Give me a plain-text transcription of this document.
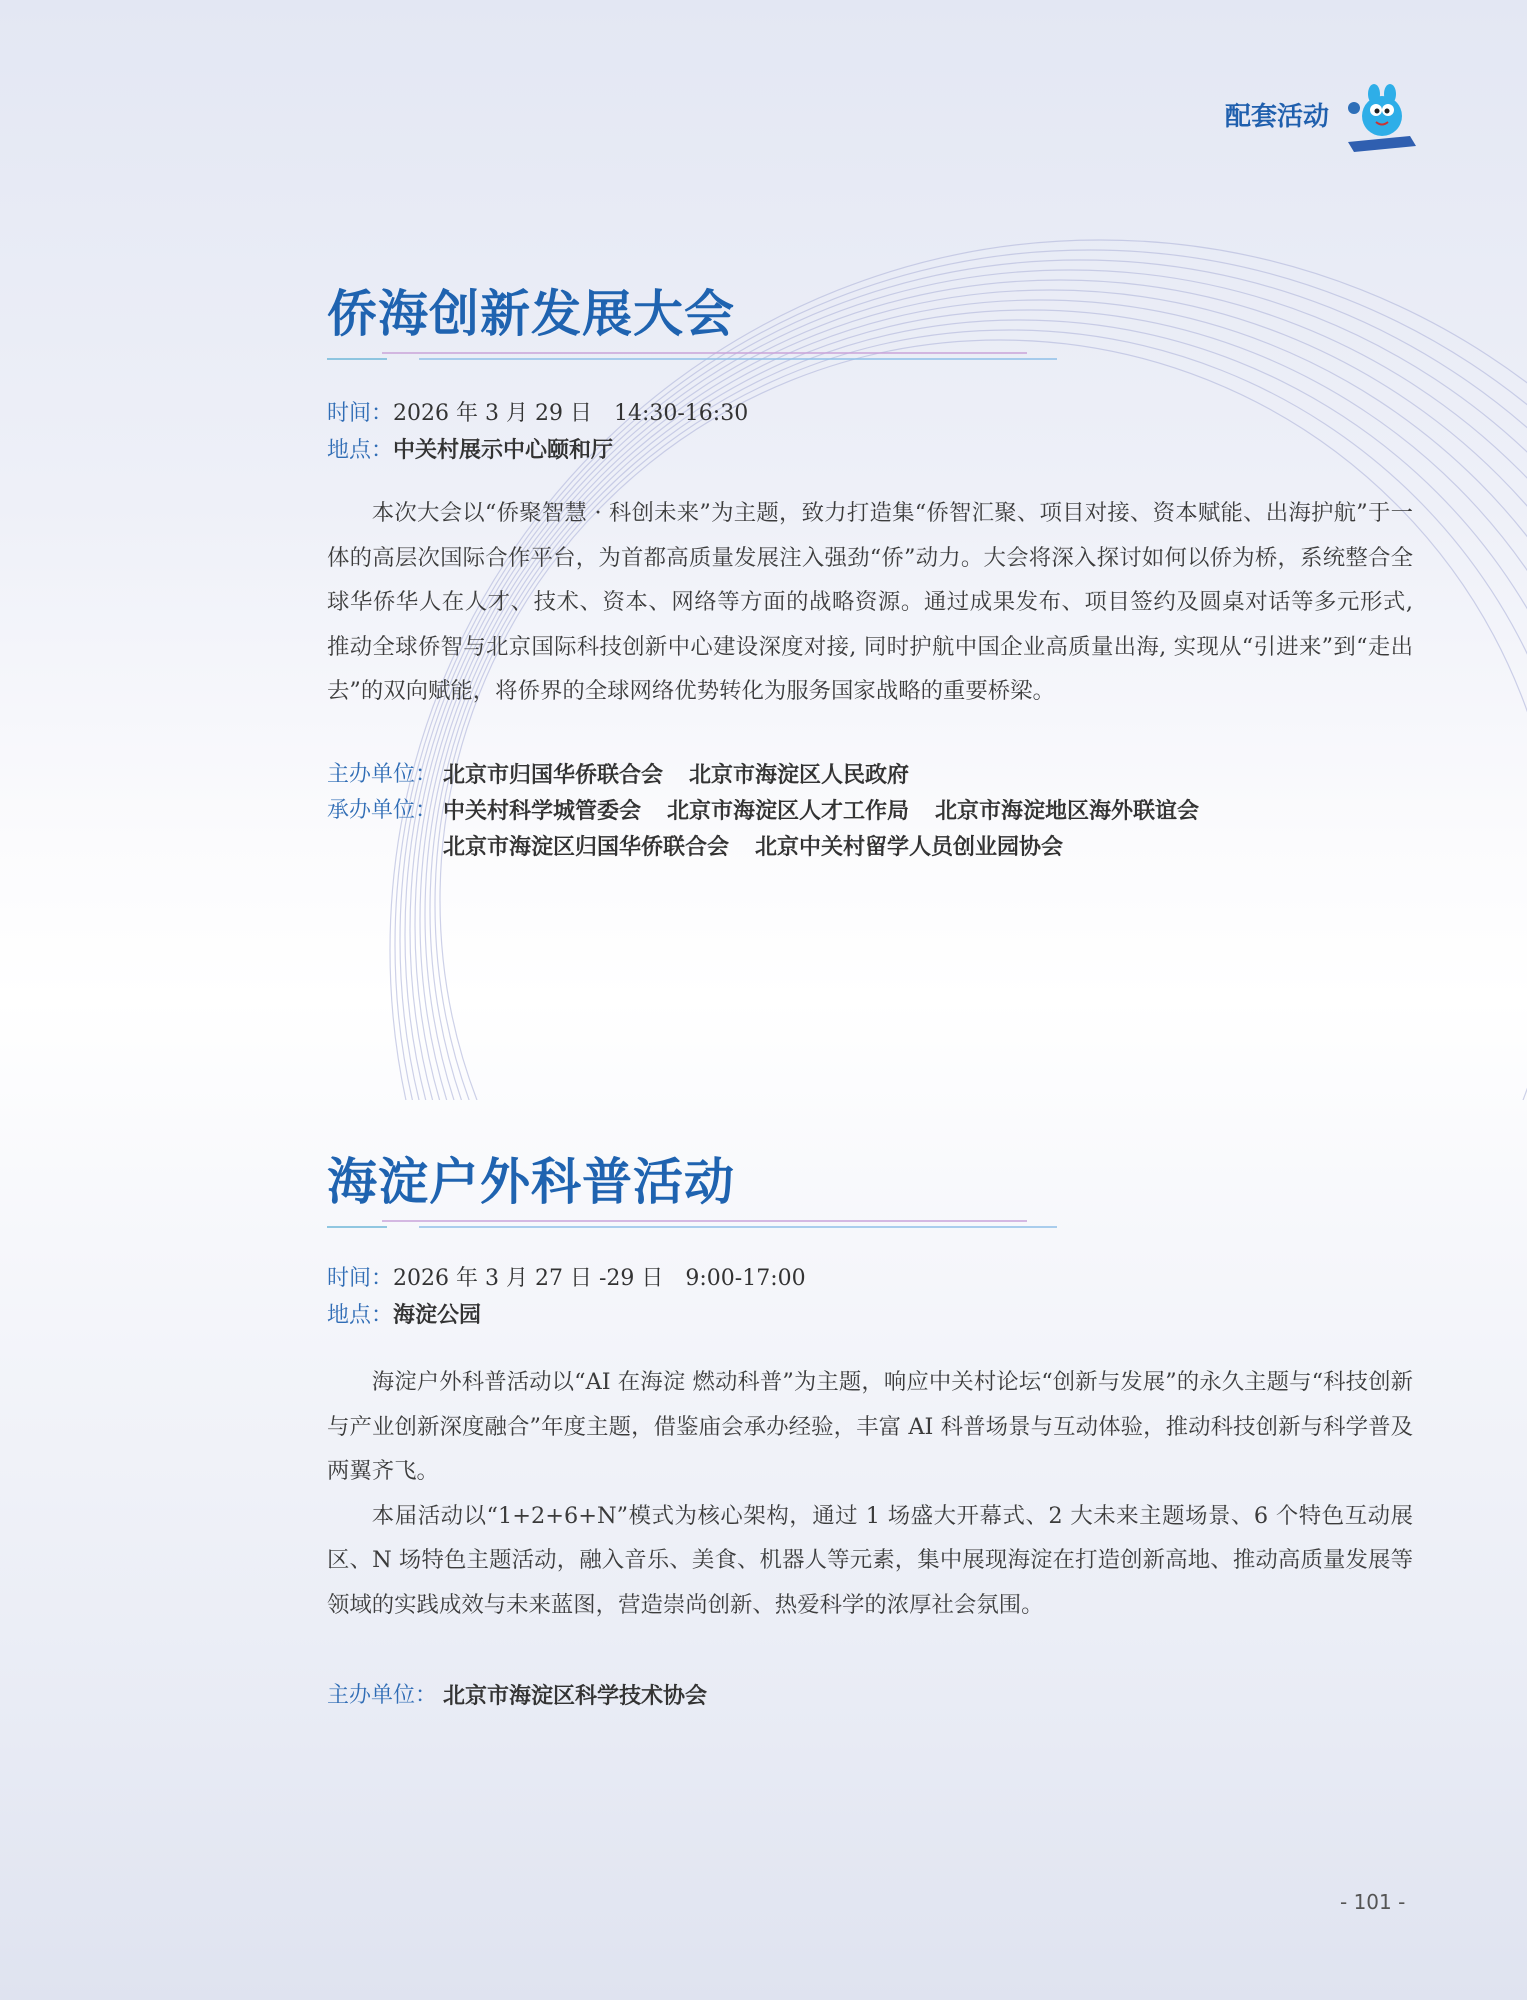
配套活动
侨海创新发展大会
时间：2026 年 3 月 29 日　14:30-16:30
地点：中关村展示中心颐和厅

本次大会以“侨聚智慧 · 科创未来”为主题，致力打造集“侨智汇聚、项目对接、资本赋能、出海护航”于一体的高层次国际合作平台，为首都高质量发展注入强劲“侨”动力。大会将深入探讨如何以侨为桥，系统整合全球华侨华人在人才、技术、资本、网络等方面的战略资源。通过成果发布、项目签约及圆桌对话等多元形式, 推动全球侨智与北京国际科技创新中心建设深度对接, 同时护航中国企业高质量出海, 实现从“引进来”到“走出去”的双向赋能，将侨界的全球网络优势转化为服务国家战略的重要桥梁。

主办单位： 北京市归国华侨联合会 北京市海淀区人民政府
承办单位： 中关村科学城管委会 北京市海淀区人才工作局 北京市海淀地区海外联谊会
北京市海淀区归国华侨联合会 北京中关村留学人员创业园协会
海淀户外科普活动
时间：2026 年 3 月 27 日 -29 日　9:00-17:00
地点：海淀公园

海淀户外科普活动以“AI 在海淀 燃动科普”为主题，响应中关村论坛“创新与发展”的永久主题与“科技创新与产业创新深度融合”年度主题，借鉴庙会承办经验，丰富 AI 科普场景与互动体验，推动科技创新与科学普及两翼齐飞。

本届活动以“1+2+6+N”模式为核心架构，通过 1 场盛大开幕式、2 大未来主题场景、6 个特色互动展区、N 场特色主题活动，融入音乐、美食、机器人等元素，集中展现海淀在打造创新高地、推动高质量发展等领域的实践成效与未来蓝图，营造崇尚创新、热爱科学的浓厚社会氛围。

主办单位： 北京市海淀区科学技术协会
- 101 -
